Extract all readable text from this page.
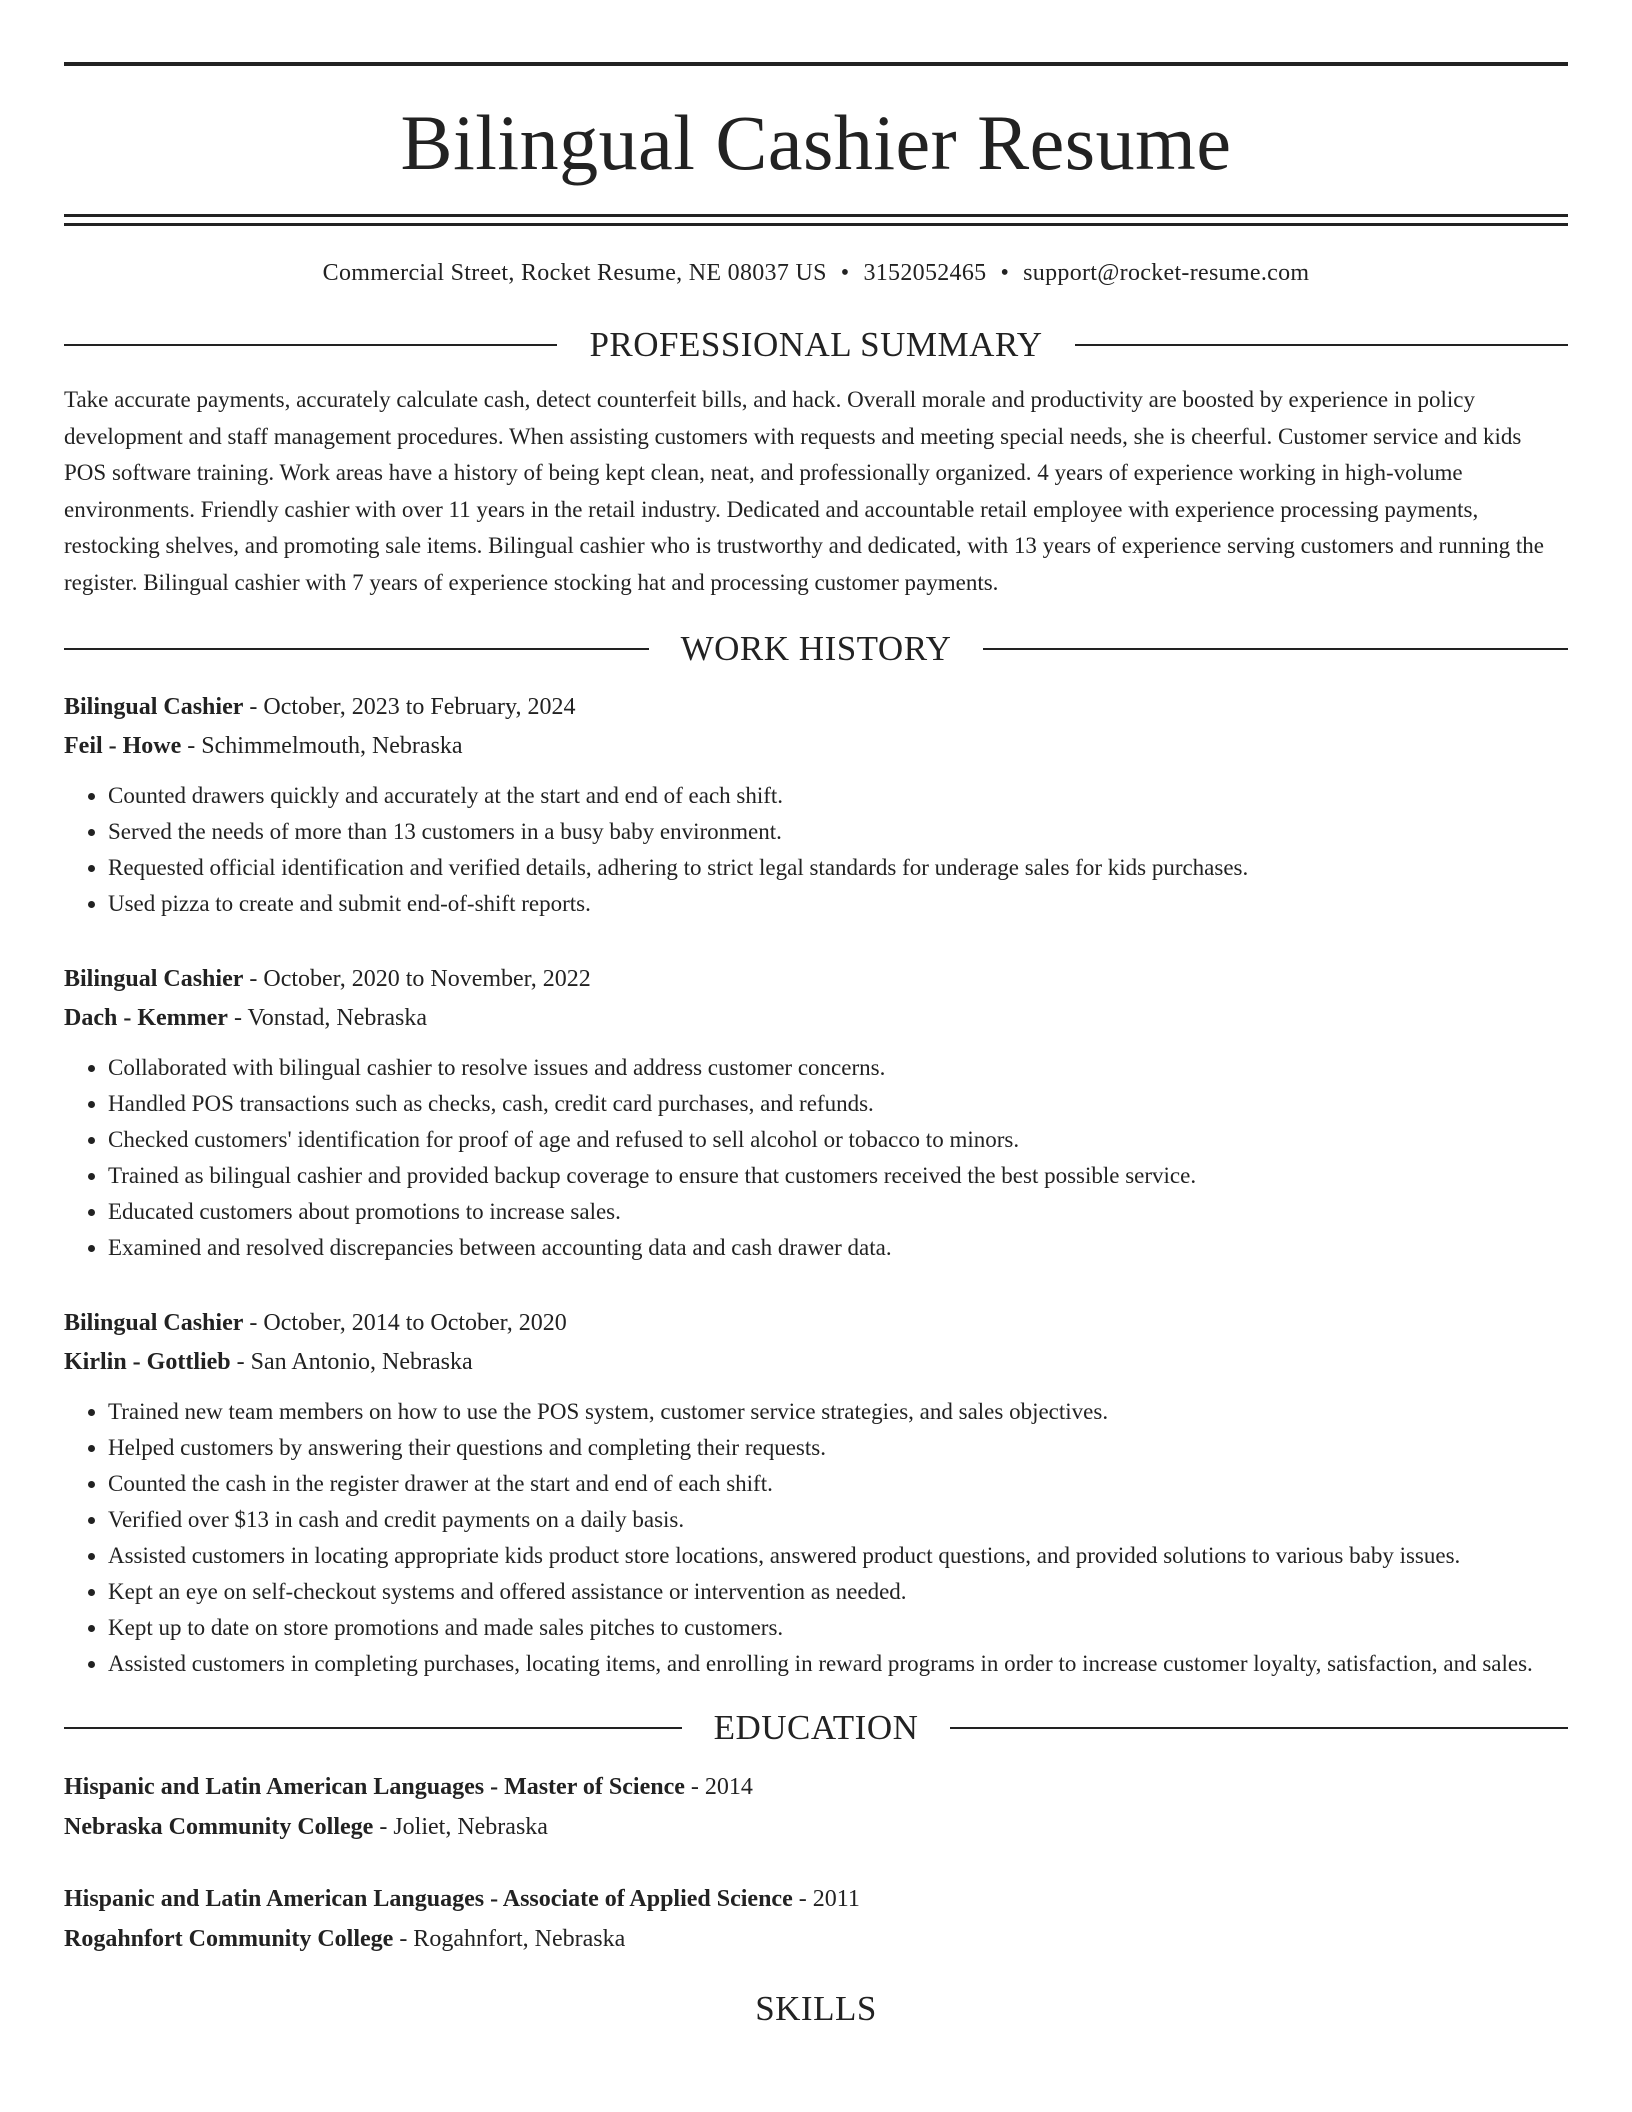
Bilingual Cashier Resume
Commercial Street, Rocket Resume, NE 08037 US • 3152052465 • support@rocket-resume.com
PROFESSIONAL SUMMARY

Take accurate payments, accurately calculate cash, detect counterfeit bills, and hack. Overall morale and productivity are boosted by experience in policy development and staff management procedures. When assisting customers with requests and meeting special needs, she is cheerful. Customer service and kids POS software training. Work areas have a history of being kept clean, neat, and professionally organized. 4 years of experience working in high-volume environments. Friendly cashier with over 11 years in the retail industry. Dedicated and accountable retail employee with experience processing payments, restocking shelves, and promoting sale items. Bilingual cashier who is trustworthy and dedicated, with 13 years of experience serving customers and running the register. Bilingual cashier with 7 years of experience stocking hat and processing customer payments.

WORK HISTORY
Bilingual Cashier - October, 2023 to February, 2024
Feil - Howe - Schimmelmouth, Nebraska
• Counted drawers quickly and accurately at the start and end of each shift.
• Served the needs of more than 13 customers in a busy baby environment.
• Requested official identification and verified details, adhering to strict legal standards for underage sales for kids purchases.
• Used pizza to create and submit end-of-shift reports.
Bilingual Cashier - October, 2020 to November, 2022
Dach - Kemmer - Vonstad, Nebraska
• Collaborated with bilingual cashier to resolve issues and address customer concerns.
• Handled POS transactions such as checks, cash, credit card purchases, and refunds.
• Checked customers' identification for proof of age and refused to sell alcohol or tobacco to minors.
• Trained as bilingual cashier and provided backup coverage to ensure that customers received the best possible service.
• Educated customers about promotions to increase sales.
• Examined and resolved discrepancies between accounting data and cash drawer data.
Bilingual Cashier - October, 2014 to October, 2020
Kirlin - Gottlieb - San Antonio, Nebraska
• Trained new team members on how to use the POS system, customer service strategies, and sales objectives.
• Helped customers by answering their questions and completing their requests.
• Counted the cash in the register drawer at the start and end of each shift.
• Verified over $13 in cash and credit payments on a daily basis.
• Assisted customers in locating appropriate kids product store locations, answered product questions, and provided solutions to various baby issues.
• Kept an eye on self-checkout systems and offered assistance or intervention as needed.
• Kept up to date on store promotions and made sales pitches to customers.
• Assisted customers in completing purchases, locating items, and enrolling in reward programs in order to increase customer loyalty, satisfaction, and sales.
EDUCATION
Hispanic and Latin American Languages - Master of Science - 2014
Nebraska Community College - Joliet, Nebraska
Hispanic and Latin American Languages - Associate of Applied Science - 2011
Rogahnfort Community College - Rogahnfort, Nebraska
SKILLS
